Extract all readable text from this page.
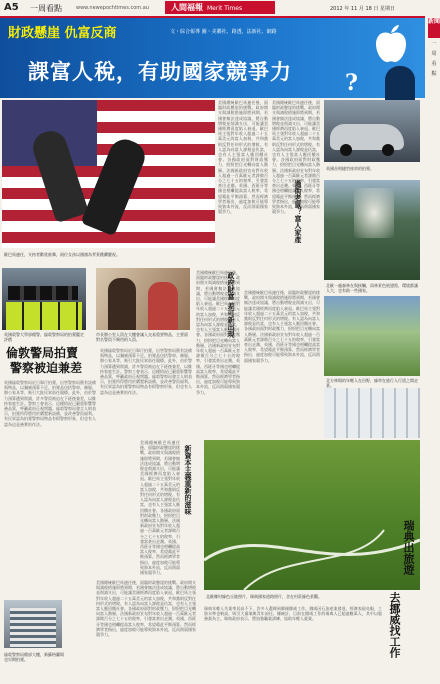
A5 一周看點	www.newepochtimes.com.au	人間福報 Merit Times	2012 年 11 月 18 日 星期日
新聞
一
周
看
點
財政懸崖 仇富反商	文・綜合報導 圖・美聯社、路透、法新社、網路
課富人稅，有助國家競爭力 ?
歐巴馬連任，支持者歡欣鼓舞，兩位女孩以國旗為背景跳躍慶祝。
英國敦警大學部總警，倫敦警察局的拍賣鑑定評價
市長辦公室入員在大樓會議入交易重要物品，主要面對名警員不夠用的人員。
倫敦警局拍賣
警察被迫兼差
英國倫敦警察局近日舉行拍賣，出售警察局舊有設備與物品，以彌補預算不足。拍賣品包括警車、制服、辦公家具等，吸引大批民眾前往競標。此外，由於警力預算遭到削減，許多警員被迫在下班後兼差，以維持家庭生計。警察工會表示，這種情況已嚴重影響警務品質，呼籲政府正視問題。倫敦警察局發言人則表示，拍賣所得將用於購置新設備，並改善警員福利。有民眾認為拍賣警察局物品有損警察形象，但也有人認為這是務實的作法。
英國倫敦警察局近日舉行拍賣，出售警察局舊有設備與物品，以彌補預算不足。拍賣品包括警車、制服、辦公家具等，吸引大批民眾前往競標。此外，由於警力預算遭到削減，許多警員被迫在下班後兼差，以維持家庭生計。警察工會表示，這種情況已嚴重影響警務品質，呼籲政府正視問題。倫敦警察局發言人則表示，拍賣所得將用於購置新設備，並改善警員福利。有民眾認為拍賣警察局物品有損警察形象，但也有人認為這是務實的作法。
倫敦警察局總部大樓，新蘇格蘭場也早期拍賣。
美國總統歐巴馬連任後，面臨財政懸崖的挑戰。政府開支與減稅措施即將到期，若國會無法達成協議，將自動增稅並削減支出，可能讓美國經濟再度陷入衰退。歐巴馬主張對年收入超過二十五萬美元的富人加稅，共和黨則反對任何形式的增稅。有人認為向富人課稅是仇富，也有人主張富人應回饋社會。各國政府面對財政壓力，紛紛把目光轉向富人階層。法國新政府宣布對年收入超過一百萬歐元者課徵百分之七十五的稅率，引發富豪出走潮。英國、西班牙等國也相繼提高富人稅率，希望藉此平衡預算。然而經濟學者指出，過度加稅可能導致資本外流，反而削弱國家競爭力。
美國總統歐巴馬連任後，面臨財政懸崖的挑戰。政府開支與減稅措施即將到期，若國會無法達成協議，將自動增稅並削減支出，可能讓美國經濟再度陷入衰退。歐巴馬主張對年收入超過二十五萬美元的富人加稅，共和黨則反對任何形式的增稅。有人認為向富人課稅是仇富，也有人主張富人應回饋社會。各國政府面對財政壓力，紛紛把目光轉向富人階層。法國新政府宣布對年收入超過一百萬歐元者課徵百分之七十五的稅率，引發富豪出走潮。英國、西班牙等國也相繼提高富人稅率，希望藉此平衡預算。然而經濟學者指出，過度加稅可能導致資本外流，反而削弱國家競爭力。
美國總統歐巴馬連任後，面臨財政懸崖的挑戰。政府開支與減稅措施即將到期，若國會無法達成協議，將自動增稅並削減支出，可能讓美國經濟再度陷入衰退。歐巴馬主張對年收入超過二十五萬美元的富人加稅，共和黨則反對任何形式的增稅。有人認為向富人課稅是仇富，也有人主張富人應回饋社會。各國政府面對財政壓力，紛紛把目光轉向富人階層。法國新政府宣布對年收入超過一百萬歐元者課徵百分之七十五的稅率，引發富豪出走潮。英國、西班牙等國也相繼提高富人稅率，希望藉此平衡預算。然而經濟學者指出，過度加稅可能導致資本外流，反而削弱國家競爭力。
美國總統歐巴馬連任後，面臨財政懸崖的挑戰。政府開支與減稅措施即將到期，若國會無法達成協議，將自動增稅並削減支出，可能讓美國經濟再度陷入衰退。歐巴馬主張對年收入超過二十五萬美元的富人加稅，共和黨則反對任何形式的增稅。有人認為向富人課稅是仇富，也有人主張富人應回饋社會。各國政府面對財政壓力，紛紛把目光轉向富人階層。法國新政府宣布對年收入超過一百萬歐元者課徵百分之七十五的稅率，引發富豪出走潮。英國、西班牙等國也相繼提高富人稅率，希望藉此平衡預算。然而經濟學者指出，過度加稅可能導致資本外流，反而削弱國家競爭力。
過街老鼠？富人家產
政府財富 差可新出現
新資本主義重新的滋味
美國總統歐巴馬連任後，面臨財政懸崖的挑戰。政府開支與減稅措施即將到期，若國會無法達成協議，將自動增稅並削減支出，可能讓美國經濟再度陷入衰退。歐巴馬主張對年收入超過二十五萬美元的富人加稅，共和黨則反對任何形式的增稅。有人認為向富人課稅是仇富，也有人主張富人應回饋社會。各國政府面對財政壓力，紛紛把目光轉向富人階層。法國新政府宣布對年收入超過一百萬歐元者課徵百分之七十五的稅率，引發富豪出走潮。英國、西班牙等國也相繼提高富人稅率，希望藉此平衡預算。然而經濟學者指出，過度加稅可能導致資本外流，反而削弱國家競爭力。
美國總統歐巴馬連任後，面臨財政懸崖的挑戰。政府開支與減稅措施即將到期，若國會無法達成協議，將自動增稅並削減支出，可能讓美國經濟再度陷入衰退。歐巴馬主張對年收入超過二十五萬美元的富人加稅，共和黨則反對任何形式的增稅。有人認為向富人課稅是仇富，也有人主張富人應回饋社會。各國政府面對財政壓力，紛紛把目光轉向富人階層。法國新政府宣布對年收入超過一百萬歐元者課徵百分之七十五的稅率，引發富豪出走潮。英國、西班牙等國也相繼提高富人稅率，希望藉此平衡預算。然而經濟學者指出，過度加稅可能導致資本外流，反而削弱國家競爭力。
英國首相捷豹座車的拍賣。
北歐一處森林在與接觸，雨林景色展翅寫，環境都讓人大，也有助一些國家。
北方林場的年輕人在田野，綠草在旅行人行道之間走著。
北歐鄉村綠色丘陵照片，瑞典國家道路照片，舍在村莊綠色景觀。
瑞典出旅遊
去挪威找工作
瑞典年輕人失業率居高不下，許多人選擇到鄰國挪威工作。挪威因石油產業發達，經濟表現亮眼，工資水準也較高，吸引大量瑞典青年前往。據統計，目前在挪威工作的瑞典人已超過數萬人，其中以服務業為主。瑞典政府表示，將加強職業訓練，協助年輕人就業。
